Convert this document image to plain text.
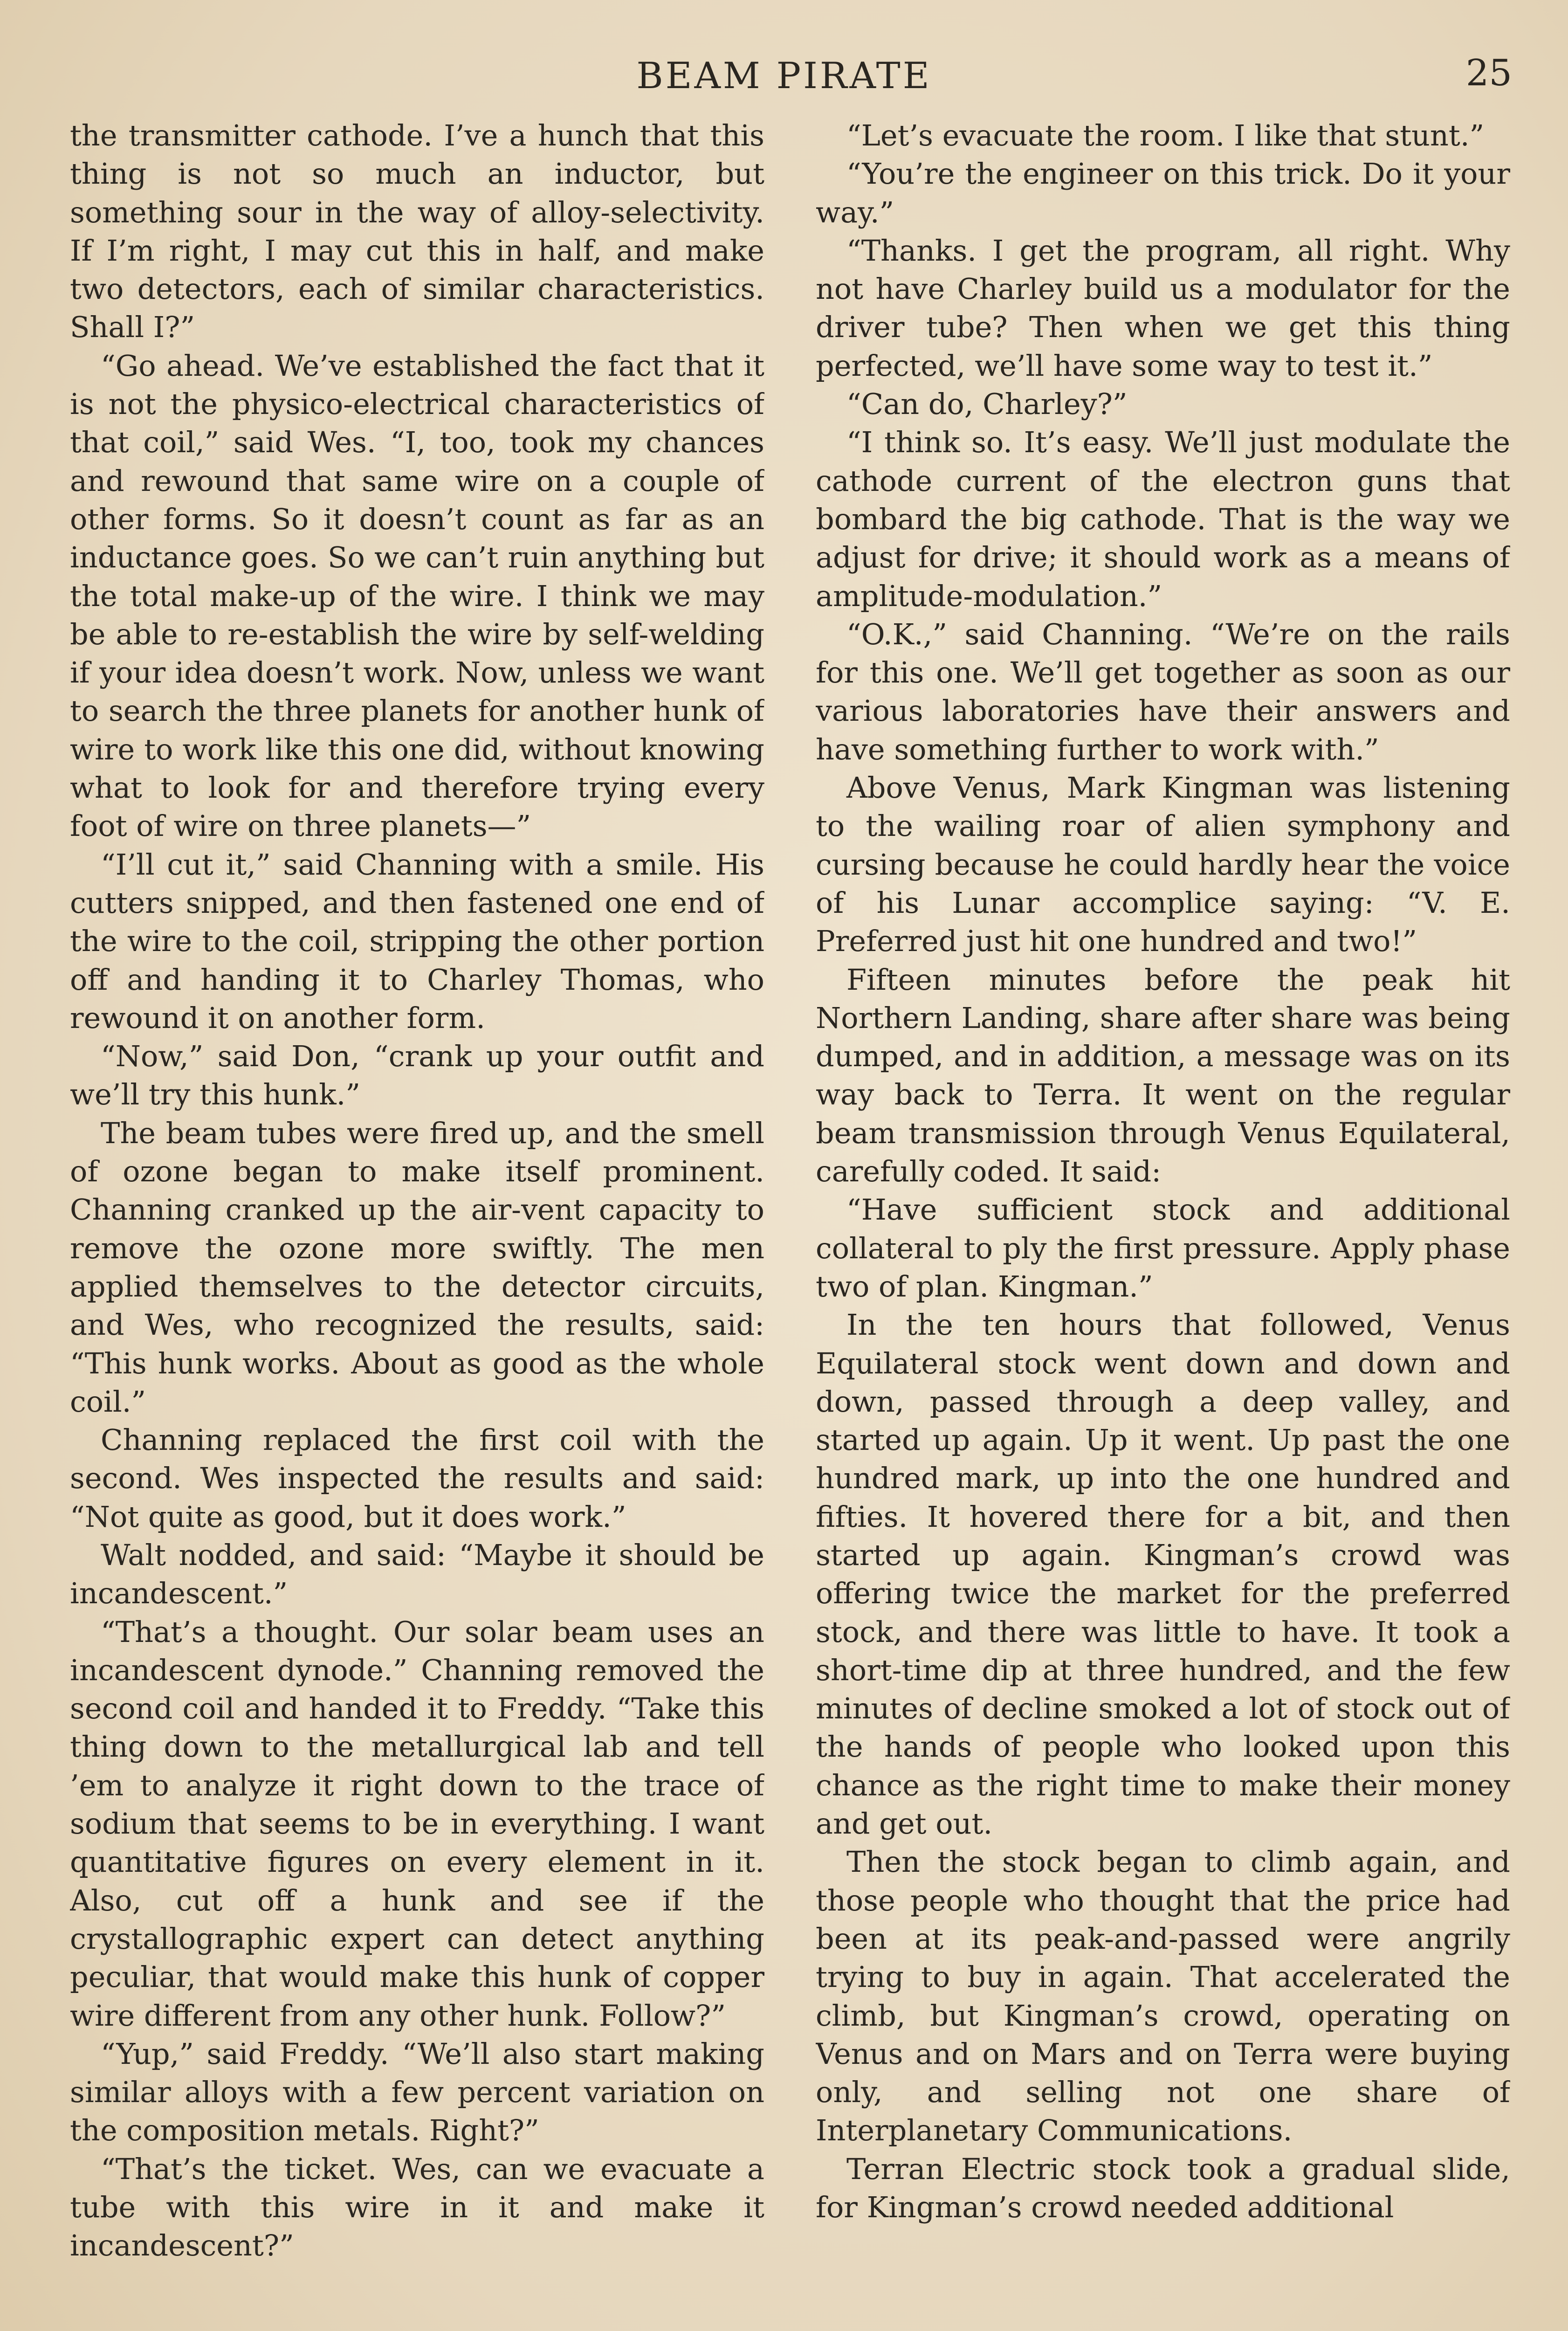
BEAM PIRATE	25

the transmitter cathode. I’ve a hunch that this thing is not so much an inductor, but something sour in the way of alloy-selectivity. If I’m right, I may cut this in half, and make two detectors, each of similar characteristics. Shall I?”

“Go ahead. We’ve established the fact that it is not the physico-electrical characteristics of that coil,” said Wes. “I, too, took my chances and rewound that same wire on a couple of other forms. So it doesn’t count as far as an inductance goes. So we can’t ruin anything but the total make-up of the wire. I think we may be able to re-establish the wire by self-welding if your idea doesn’t work. Now, unless we want to search the three planets for another hunk of wire to work like this one did, without knowing what to look for and therefore trying every foot of wire on three planets—”

“I’ll cut it,” said Channing with a smile. His cutters snipped, and then fastened one end of the wire to the coil, stripping the other portion off and handing it to Charley Thomas, who rewound it on another form.

“Now,” said Don, “crank up your outfit and we’ll try this hunk.”

The beam tubes were fired up, and the smell of ozone began to make itself prominent. Channing cranked up the air-vent capacity to remove the ozone more swiftly. The men applied themselves to the detector circuits, and Wes, who recognized the results, said: “This hunk works. About as good as the whole coil.”

Channing replaced the first coil with the second. Wes inspected the results and said: “Not quite as good, but it does work.”

Walt nodded, and said: “Maybe it should be incandescent.”

“That’s a thought. Our solar beam uses an incandescent dynode.” Channing removed the second coil and handed it to Freddy. “Take this thing down to the metallurgical lab and tell ’em to analyze it right down to the trace of sodium that seems to be in everything. I want quantitative figures on every element in it. Also, cut off a hunk and see if the crystallographic expert can detect anything peculiar, that would make this hunk of copper wire different from any other hunk. Follow?”

“Yup,” said Freddy. “We’ll also start making similar alloys with a few percent variation on the composition metals. Right?”

“That’s the ticket. Wes, can we evacuate a tube with this wire in it and make it incandescent?”

“Let’s evacuate the room. I like that stunt.”

“You’re the engineer on this trick. Do it your way.”

“Thanks. I get the program, all right. Why not have Charley build us a modulator for the driver tube? Then when we get this thing perfected, we’ll have some way to test it.”

“Can do, Charley?”

“I think so. It’s easy. We’ll just modulate the cathode current of the electron guns that bombard the big cathode. That is the way we adjust for drive; it should work as a means of amplitude-modulation.”

“O.K.,” said Channing. “We’re on the rails for this one. We’ll get together as soon as our various laboratories have their answers and have something further to work with.”

Above Venus, Mark Kingman was listening to the wailing roar of alien symphony and cursing because he could hardly hear the voice of his Lunar accomplice saying: “V. E. Preferred just hit one hundred and two!”

Fifteen minutes before the peak hit Northern Landing, share after share was being dumped, and in addition, a message was on its way back to Terra. It went on the regular beam transmission through Venus Equilateral, carefully coded. It said:

“Have sufficient stock and additional collateral to ply the first pressure. Apply phase two of plan. Kingman.”

In the ten hours that followed, Venus Equilateral stock went down and down and down, passed through a deep valley, and started up again. Up it went. Up past the one hundred mark, up into the one hundred and fifties. It hovered there for a bit, and then started up again. Kingman’s crowd was offering twice the market for the preferred stock, and there was little to have. It took a short-time dip at three hundred, and the few minutes of decline smoked a lot of stock out of the hands of people who looked upon this chance as the right time to make their money and get out.

Then the stock began to climb again, and those people who thought that the price had been at its peak-and-passed were angrily trying to buy in again. That accelerated the climb, but Kingman’s crowd, operating on Venus and on Mars and on Terra were buying only, and selling not one share of Interplanetary Communications.

Terran Electric stock took a gradual slide, for Kingman’s crowd needed additional
